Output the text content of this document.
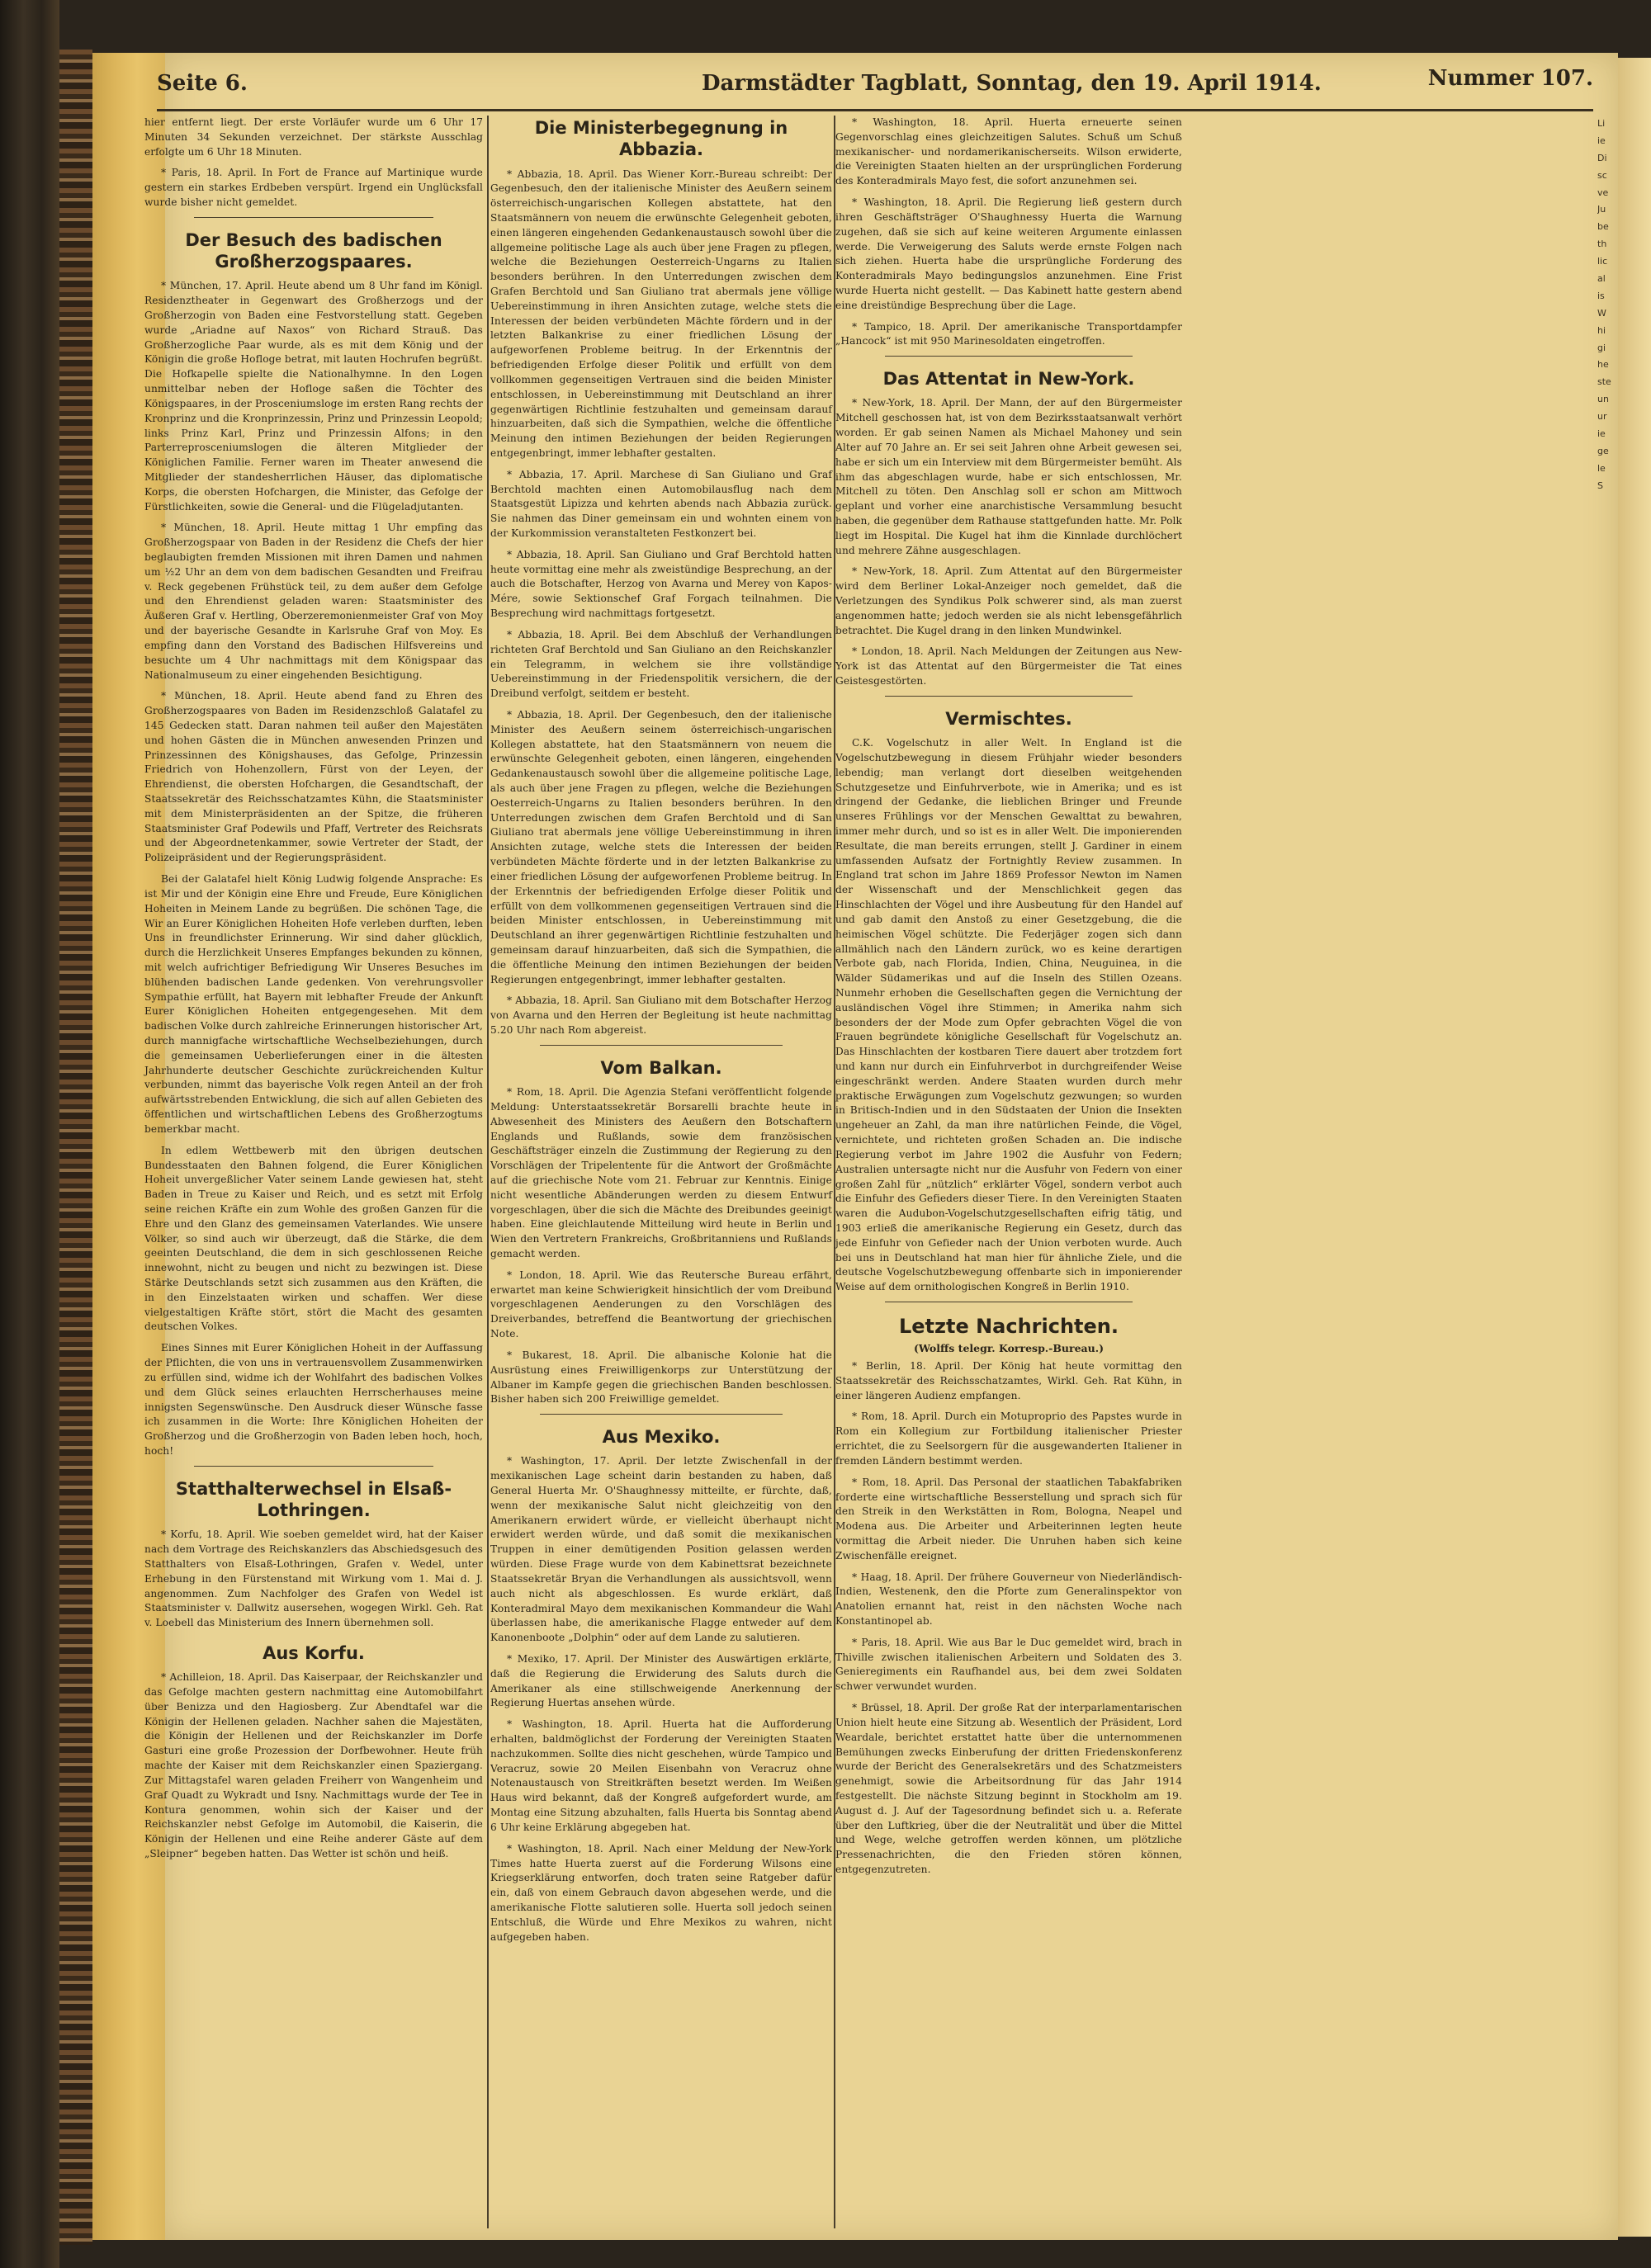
Seite 6.	Darmstädter Tagblatt, Sonntag, den 19. April 1914.	Nummer 107.

hier entfernt liegt. Der erste Vorläufer wurde um 6 Uhr 17 Minuten 34 Sekunden verzeichnet. Der stärkste Ausschlag erfolgte um 6 Uhr 18 Minuten.

* Paris, 18. April. In Fort de France auf Martinique wurde gestern ein starkes Erdbeben verspürt. Irgend ein Unglücksfall wurde bisher nicht gemeldet.

Der Besuch des badischen Großherzogspaares.

* München, 17. April. Heute abend um 8 Uhr fand im Königl. Residenztheater in Gegenwart des Großherzogs und der Großherzogin von Baden eine Festvorstellung statt. Gegeben wurde „Ariadne auf Naxos“ von Richard Strauß. Das Großherzogliche Paar wurde, als es mit dem König und der Königin die große Hofloge betrat, mit lauten Hochrufen begrüßt. Die Hofkapelle spielte die Nationalhymne. In den Logen unmittelbar neben der Hofloge saßen die Töchter des Königspaares, in der Prosceniumsloge im ersten Rang rechts der Kronprinz und die Kronprinzessin, Prinz und Prinzessin Leopold; links Prinz Karl, Prinz und Prinzessin Alfons; in den Parterreprosceniumslogen die älteren Mitglieder der Königlichen Familie. Ferner waren im Theater anwesend die Mitglieder der standesherrlichen Häuser, das diplomatische Korps, die obersten Hofchargen, die Minister, das Gefolge der Fürstlichkeiten, sowie die General- und die Flügeladjutanten.

* München, 18. April. Heute mittag 1 Uhr empfing das Großherzogspaar von Baden in der Residenz die Chefs der hier beglaubigten fremden Missionen mit ihren Damen und nahmen um ½2 Uhr an dem von dem badischen Gesandten und Freifrau v. Reck gegebenen Frühstück teil, zu dem außer dem Gefolge und den Ehrendienst geladen waren: Staatsminister des Äußeren Graf v. Hertling, Oberzeremonienmeister Graf von Moy und der bayerische Gesandte in Karlsruhe Graf von Moy. Es empfing dann den Vorstand des Badischen Hilfsvereins und besuchte um 4 Uhr nachmittags mit dem Königspaar das Nationalmuseum zu einer eingehenden Besichtigung.

* München, 18. April. Heute abend fand zu Ehren des Großherzogspaares von Baden im Residenzschloß Galatafel zu 145 Gedecken statt. Daran nahmen teil außer den Majestäten und hohen Gästen die in München anwesenden Prinzen und Prinzessinnen des Königshauses, das Gefolge, Prinzessin Friedrich von Hohenzollern, Fürst von der Leyen, der Ehrendienst, die obersten Hofchargen, die Gesandtschaft, der Staatssekretär des Reichsschatzamtes Kühn, die Staatsminister mit dem Ministerpräsidenten an der Spitze, die früheren Staatsminister Graf Podewils und Pfaff, Vertreter des Reichsrats und der Abgeordnetenkammer, sowie Vertreter der Stadt, der Polizeipräsident und der Regierungspräsident.

Bei der Galatafel hielt König Ludwig folgende Ansprache: Es ist Mir und der Königin eine Ehre und Freude, Eure Königlichen Hoheiten in Meinem Lande zu begrüßen. Die schönen Tage, die Wir an Eurer Königlichen Hoheiten Hofe verleben durften, leben Uns in freundlichster Erinnerung. Wir sind daher glücklich, durch die Herzlichkeit Unseres Empfanges bekunden zu können, mit welch aufrichtiger Befriedigung Wir Unseres Besuches im blühenden badischen Lande gedenken. Von verehrungsvoller Sympathie erfüllt, hat Bayern mit lebhafter Freude der Ankunft Eurer Königlichen Hoheiten entgegengesehen. Mit dem badischen Volke durch zahlreiche Erinnerungen historischer Art, durch mannigfache wirtschaftliche Wechselbeziehungen, durch die gemeinsamen Ueberlieferungen einer in die ältesten Jahrhunderte deutscher Geschichte zurückreichenden Kultur verbunden, nimmt das bayerische Volk regen Anteil an der froh aufwärtsstrebenden Entwicklung, die sich auf allen Gebieten des öffentlichen und wirtschaftlichen Lebens des Großherzogtums bemerkbar macht.

In edlem Wettbewerb mit den übrigen deutschen Bundesstaaten den Bahnen folgend, die Eurer Königlichen Hoheit unvergeßlicher Vater seinem Lande gewiesen hat, steht Baden in Treue zu Kaiser und Reich, und es setzt mit Erfolg seine reichen Kräfte ein zum Wohle des großen Ganzen für die Ehre und den Glanz des gemeinsamen Vaterlandes. Wie unsere Völker, so sind auch wir überzeugt, daß die Stärke, die dem geeinten Deutschland, die dem in sich geschlossenen Reiche innewohnt, nicht zu beugen und nicht zu bezwingen ist. Diese Stärke Deutschlands setzt sich zusammen aus den Kräften, die in den Einzelstaaten wirken und schaffen. Wer diese vielgestaltigen Kräfte stört, stört die Macht des gesamten deutschen Volkes.

Eines Sinnes mit Eurer Königlichen Hoheit in der Auffassung der Pflichten, die von uns in vertrauensvollem Zusammenwirken zu erfüllen sind, widme ich der Wohlfahrt des badischen Volkes und dem Glück seines erlauchten Herrscherhauses meine innigsten Segenswünsche. Den Ausdruck dieser Wünsche fasse ich zusammen in die Worte: Ihre Königlichen Hoheiten der Großherzog und die Großherzogin von Baden leben hoch, hoch, hoch!

Statthalterwechsel in Elsaß-Lothringen.

* Korfu, 18. April. Wie soeben gemeldet wird, hat der Kaiser nach dem Vortrage des Reichskanzlers das Abschiedsgesuch des Statthalters von Elsaß-Lothringen, Grafen v. Wedel, unter Erhebung in den Fürstenstand mit Wirkung vom 1. Mai d. J. angenommen. Zum Nachfolger des Grafen von Wedel ist Staatsminister v. Dallwitz ausersehen, wogegen Wirkl. Geh. Rat v. Loebell das Ministerium des Innern übernehmen soll.

Aus Korfu.

* Achilleion, 18. April. Das Kaiserpaar, der Reichskanzler und das Gefolge machten gestern nachmittag eine Automobilfahrt über Benizza und den Hagiosberg. Zur Abendtafel war die Königin der Hellenen geladen. Nachher sahen die Majestäten, die Königin der Hellenen und der Reichskanzler im Dorfe Gasturi eine große Prozession der Dorfbewohner. Heute früh machte der Kaiser mit dem Reichskanzler einen Spaziergang. Zur Mittagstafel waren geladen Freiherr von Wangenheim und Graf Quadt zu Wykradt und Isny. Nachmittags wurde der Tee in Kontura genommen, wohin sich der Kaiser und der Reichskanzler nebst Gefolge im Automobil, die Kaiserin, die Königin der Hellenen und eine Reihe anderer Gäste auf dem „Sleipner“ begeben hatten. Das Wetter ist schön und heiß.

Die Ministerbegegnung in Abbazia.

* Abbazia, 18. April. Das Wiener Korr.-Bureau schreibt: Der Gegenbesuch, den der italienische Minister des Aeußern seinem österreichisch-ungarischen Kollegen abstattete, hat den Staatsmännern von neuem die erwünschte Gelegenheit geboten, einen längeren eingehenden Gedankenaustausch sowohl über die allgemeine politische Lage als auch über jene Fragen zu pflegen, welche die Beziehungen Oesterreich-Ungarns zu Italien besonders berühren. In den Unterredungen zwischen dem Grafen Berchtold und San Giuliano trat abermals jene völlige Uebereinstimmung in ihren Ansichten zutage, welche stets die Interessen der beiden verbündeten Mächte fördern und in der letzten Balkankrise zu einer friedlichen Lösung der aufgeworfenen Probleme beitrug. In der Erkenntnis der befriedigenden Erfolge dieser Politik und erfüllt von dem vollkommen gegenseitigen Vertrauen sind die beiden Minister entschlossen, in Uebereinstimmung mit Deutschland an ihrer gegenwärtigen Richtlinie festzuhalten und gemeinsam darauf hinzuarbeiten, daß sich die Sympathien, welche die öffentliche Meinung den intimen Beziehungen der beiden Regierungen entgegenbringt, immer lebhafter gestalten.

* Abbazia, 17. April. Marchese di San Giuliano und Graf Berchtold machten einen Automobilausflug nach dem Staatsgestüt Lipizza und kehrten abends nach Abbazia zurück. Sie nahmen das Diner gemeinsam ein und wohnten einem von der Kurkommission veranstalteten Festkonzert bei.

* Abbazia, 18. April. San Giuliano und Graf Berchtold hatten heute vormittag eine mehr als zweistündige Besprechung, an der auch die Botschafter, Herzog von Avarna und Merey von Kapos-Mére, sowie Sektionschef Graf Forgach teilnahmen. Die Besprechung wird nachmittags fortgesetzt.

* Abbazia, 18. April. Bei dem Abschluß der Verhandlungen richteten Graf Berchtold und San Giuliano an den Reichskanzler ein Telegramm, in welchem sie ihre vollständige Uebereinstimmung in der Friedenspolitik versichern, die der Dreibund verfolgt, seitdem er besteht.

* Abbazia, 18. April. Der Gegenbesuch, den der italienische Minister des Aeußern seinem österreichisch-ungarischen Kollegen abstattete, hat den Staatsmännern von neuem die erwünschte Gelegenheit geboten, einen längeren, eingehenden Gedankenaustausch sowohl über die allgemeine politische Lage, als auch über jene Fragen zu pflegen, welche die Beziehungen Oesterreich-Ungarns zu Italien besonders berühren. In den Unterredungen zwischen dem Grafen Berchtold und di San Giuliano trat abermals jene völlige Uebereinstimmung in ihren Ansichten zutage, welche stets die Interessen der beiden verbündeten Mächte förderte und in der letzten Balkankrise zu einer friedlichen Lösung der aufgeworfenen Probleme beitrug. In der Erkenntnis der befriedigenden Erfolge dieser Politik und erfüllt von dem vollkommenen gegenseitigen Vertrauen sind die beiden Minister entschlossen, in Uebereinstimmung mit Deutschland an ihrer gegenwärtigen Richtlinie festzuhalten und gemeinsam darauf hinzuarbeiten, daß sich die Sympathien, die die öffentliche Meinung den intimen Beziehungen der beiden Regierungen entgegenbringt, immer lebhafter gestalten.

* Abbazia, 18. April. San Giuliano mit dem Botschafter Herzog von Avarna und den Herren der Begleitung ist heute nachmittag 5.20 Uhr nach Rom abgereist.

Vom Balkan.

* Rom, 18. April. Die Agenzia Stefani veröffentlicht folgende Meldung: Unterstaatssekretär Borsarelli brachte heute in Abwesenheit des Ministers des Aeußern den Botschaftern Englands und Rußlands, sowie dem französischen Geschäftsträger einzeln die Zustimmung der Regierung zu den Vorschlägen der Tripelentente für die Antwort der Großmächte auf die griechische Note vom 21. Februar zur Kenntnis. Einige nicht wesentliche Abänderungen werden zu diesem Entwurf vorgeschlagen, über die sich die Mächte des Dreibundes geeinigt haben. Eine gleichlautende Mitteilung wird heute in Berlin und Wien den Vertretern Frankreichs, Großbritanniens und Rußlands gemacht werden.

* London, 18. April. Wie das Reutersche Bureau erfährt, erwartet man keine Schwierigkeit hinsichtlich der vom Dreibund vorgeschlagenen Aenderungen zu den Vorschlägen des Dreiverbandes, betreffend die Beantwortung der griechischen Note.

* Bukarest, 18. April. Die albanische Kolonie hat die Ausrüstung eines Freiwilligenkorps zur Unterstützung der Albaner im Kampfe gegen die griechischen Banden beschlossen. Bisher haben sich 200 Freiwillige gemeldet.

Aus Mexiko.

* Washington, 17. April. Der letzte Zwischenfall in der mexikanischen Lage scheint darin bestanden zu haben, daß General Huerta Mr. O'Shaughnessy mitteilte, er fürchte, daß, wenn der mexikanische Salut nicht gleichzeitig von den Amerikanern erwidert würde, er vielleicht überhaupt nicht erwidert werden würde, und daß somit die mexikanischen Truppen in einer demütigenden Position gelassen werden würden. Diese Frage wurde von dem Kabinettsrat bezeichnete Staatssekretär Bryan die Verhandlungen als aussichtsvoll, wenn auch nicht als abgeschlossen. Es wurde erklärt, daß Konteradmiral Mayo dem mexikanischen Kommandeur die Wahl überlassen habe, die amerikanische Flagge entweder auf dem Kanonenboote „Dolphin“ oder auf dem Lande zu salutieren.

* Mexiko, 17. April. Der Minister des Auswärtigen erklärte, daß die Regierung die Erwiderung des Saluts durch die Amerikaner als eine stillschweigende Anerkennung der Regierung Huertas ansehen würde.

* Washington, 18. April. Huerta hat die Aufforderung erhalten, baldmöglichst der Forderung der Vereinigten Staaten nachzukommen. Sollte dies nicht geschehen, würde Tampico und Veracruz, sowie 20 Meilen Eisenbahn von Veracruz ohne Notenaustausch von Streitkräften besetzt werden. Im Weißen Haus wird bekannt, daß der Kongreß aufgefordert wurde, am Montag eine Sitzung abzuhalten, falls Huerta bis Sonntag abend 6 Uhr keine Erklärung abgegeben hat.

* Washington, 18. April. Nach einer Meldung der New-York Times hatte Huerta zuerst auf die Forderung Wilsons eine Kriegserklärung entworfen, doch traten seine Ratgeber dafür ein, daß von einem Gebrauch davon abgesehen werde, und die amerikanische Flotte salutieren solle. Huerta soll jedoch seinen Entschluß, die Würde und Ehre Mexikos zu wahren, nicht aufgegeben haben.

* Washington, 18. April. Huerta erneuerte seinen Gegenvorschlag eines gleichzeitigen Salutes. Schuß um Schuß mexikanischer- und nordamerikanischerseits. Wilson erwiderte, die Vereinigten Staaten hielten an der ursprünglichen Forderung des Konteradmirals Mayo fest, die sofort anzunehmen sei.

* Washington, 18. April. Die Regierung ließ gestern durch ihren Geschäftsträger O'Shaughnessy Huerta die Warnung zugehen, daß sie sich auf keine weiteren Argumente einlassen werde. Die Verweigerung des Saluts werde ernste Folgen nach sich ziehen. Huerta habe die ursprüngliche Forderung des Konteradmirals Mayo bedingungslos anzunehmen. Eine Frist wurde Huerta nicht gestellt. — Das Kabinett hatte gestern abend eine dreistündige Besprechung über die Lage.

* Tampico, 18. April. Der amerikanische Transportdampfer „Hancock“ ist mit 950 Marinesoldaten eingetroffen.

Das Attentat in New-York.

* New-York, 18. April. Der Mann, der auf den Bürgermeister Mitchell geschossen hat, ist von dem Bezirksstaatsanwalt verhört worden. Er gab seinen Namen als Michael Mahoney und sein Alter auf 70 Jahre an. Er sei seit Jahren ohne Arbeit gewesen sei, habe er sich um ein Interview mit dem Bürgermeister bemüht. Als ihm das abgeschlagen wurde, habe er sich entschlossen, Mr. Mitchell zu töten. Den Anschlag soll er schon am Mittwoch geplant und vorher eine anarchistische Versammlung besucht haben, die gegenüber dem Rathause stattgefunden hatte. Mr. Polk liegt im Hospital. Die Kugel hat ihm die Kinnlade durchlöchert und mehrere Zähne ausgeschlagen.

* New-York, 18. April. Zum Attentat auf den Bürgermeister wird dem Berliner Lokal-Anzeiger noch gemeldet, daß die Verletzungen des Syndikus Polk schwerer sind, als man zuerst angenommen hatte; jedoch werden sie als nicht lebensgefährlich betrachtet. Die Kugel drang in den linken Mundwinkel.

* London, 18. April. Nach Meldungen der Zeitungen aus New-York ist das Attentat auf den Bürgermeister die Tat eines Geistesgestörten.

Vermischtes.

C.K. Vogelschutz in aller Welt. In England ist die Vogelschutzbewegung in diesem Frühjahr wieder besonders lebendig; man verlangt dort dieselben weitgehenden Schutzgesetze und Einfuhrverbote, wie in Amerika; und es ist dringend der Gedanke, die lieblichen Bringer und Freunde unseres Frühlings vor der Menschen Gewalttat zu bewahren, immer mehr durch, und so ist es in aller Welt. Die imponierenden Resultate, die man bereits errungen, stellt J. Gardiner in einem umfassenden Aufsatz der Fortnightly Review zusammen. In England trat schon im Jahre 1869 Professor Newton im Namen der Wissenschaft und der Menschlichkeit gegen das Hinschlachten der Vögel und ihre Ausbeutung für den Handel auf und gab damit den Anstoß zu einer Gesetzgebung, die die heimischen Vögel schützte. Die Federjäger zogen sich dann allmählich nach den Ländern zurück, wo es keine derartigen Verbote gab, nach Florida, Indien, China, Neuguinea, in die Wälder Südamerikas und auf die Inseln des Stillen Ozeans. Nunmehr erhoben die Gesellschaften gegen die Vernichtung der ausländischen Vögel ihre Stimmen; in Amerika nahm sich besonders der der Mode zum Opfer gebrachten Vögel die von Frauen begründete königliche Gesellschaft für Vogelschutz an. Das Hinschlachten der kostbaren Tiere dauert aber trotzdem fort und kann nur durch ein Einfuhrverbot in durchgreifender Weise eingeschränkt werden. Andere Staaten wurden durch mehr praktische Erwägungen zum Vogelschutz gezwungen; so wurden in Britisch-Indien und in den Südstaaten der Union die Insekten ungeheuer an Zahl, da man ihre natürlichen Feinde, die Vögel, vernichtete, und richteten großen Schaden an. Die indische Regierung verbot im Jahre 1902 die Ausfuhr von Federn; Australien untersagte nicht nur die Ausfuhr von Federn von einer großen Zahl für „nützlich“ erklärter Vögel, sondern verbot auch die Einfuhr des Gefieders dieser Tiere. In den Vereinigten Staaten waren die Audubon-Vogelschutzgesellschaften eifrig tätig, und 1903 erließ die amerikanische Regierung ein Gesetz, durch das jede Einfuhr von Gefieder nach der Union verboten wurde. Auch bei uns in Deutschland hat man hier für ähnliche Ziele, und die deutsche Vogelschutzbewegung offenbarte sich in imponierender Weise auf dem ornithologischen Kongreß in Berlin 1910.

Letzte Nachrichten.

(Wolffs telegr. Korresp.-Bureau.)

* Berlin, 18. April. Der König hat heute vormittag den Staatssekretär des Reichsschatzamtes, Wirkl. Geh. Rat Kühn, in einer längeren Audienz empfangen.

* Rom, 18. April. Durch ein Motuproprio des Papstes wurde in Rom ein Kollegium zur Fortbildung italienischer Priester errichtet, die zu Seelsorgern für die ausgewanderten Italiener in fremden Ländern bestimmt werden.

* Rom, 18. April. Das Personal der staatlichen Tabakfabriken forderte eine wirtschaftliche Besserstellung und sprach sich für den Streik in den Werkstätten in Rom, Bologna, Neapel und Modena aus. Die Arbeiter und Arbeiterinnen legten heute vormittag die Arbeit nieder. Die Unruhen haben sich keine Zwischenfälle ereignet.

* Haag, 18. April. Der frühere Gouverneur von Niederländisch-Indien, Westenenk, den die Pforte zum Generalinspektor von Anatolien ernannt hat, reist in den nächsten Woche nach Konstantinopel ab.

* Paris, 18. April. Wie aus Bar le Duc gemeldet wird, brach in Thiville zwischen italienischen Arbeitern und Soldaten des 3. Genieregiments ein Raufhandel aus, bei dem zwei Soldaten schwer verwundet wurden.

* Brüssel, 18. April. Der große Rat der interparlamentarischen Union hielt heute eine Sitzung ab. Wesentlich der Präsident, Lord Weardale, berichtet erstattet hatte über die unternommenen Bemühungen zwecks Einberufung der dritten Friedenskonferenz wurde der Bericht des Generalsekretärs und des Schatzmeisters genehmigt, sowie die Arbeitsordnung für das Jahr 1914 festgestellt. Die nächste Sitzung beginnt in Stockholm am 19. August d. J. Auf der Tagesordnung befindet sich u. a. Referate über den Luftkrieg, über die der Neutralität und über die Mittel und Wege, welche getroffen werden können, um plötzliche Pressenachrichten, die den Frieden stören können, entgegenzutreten.

Li
ie
Di
sc
ve
Ju
be
th
lic
al
is
W
hi
gi
he
ste
un
ur
ie
ge
le
S
